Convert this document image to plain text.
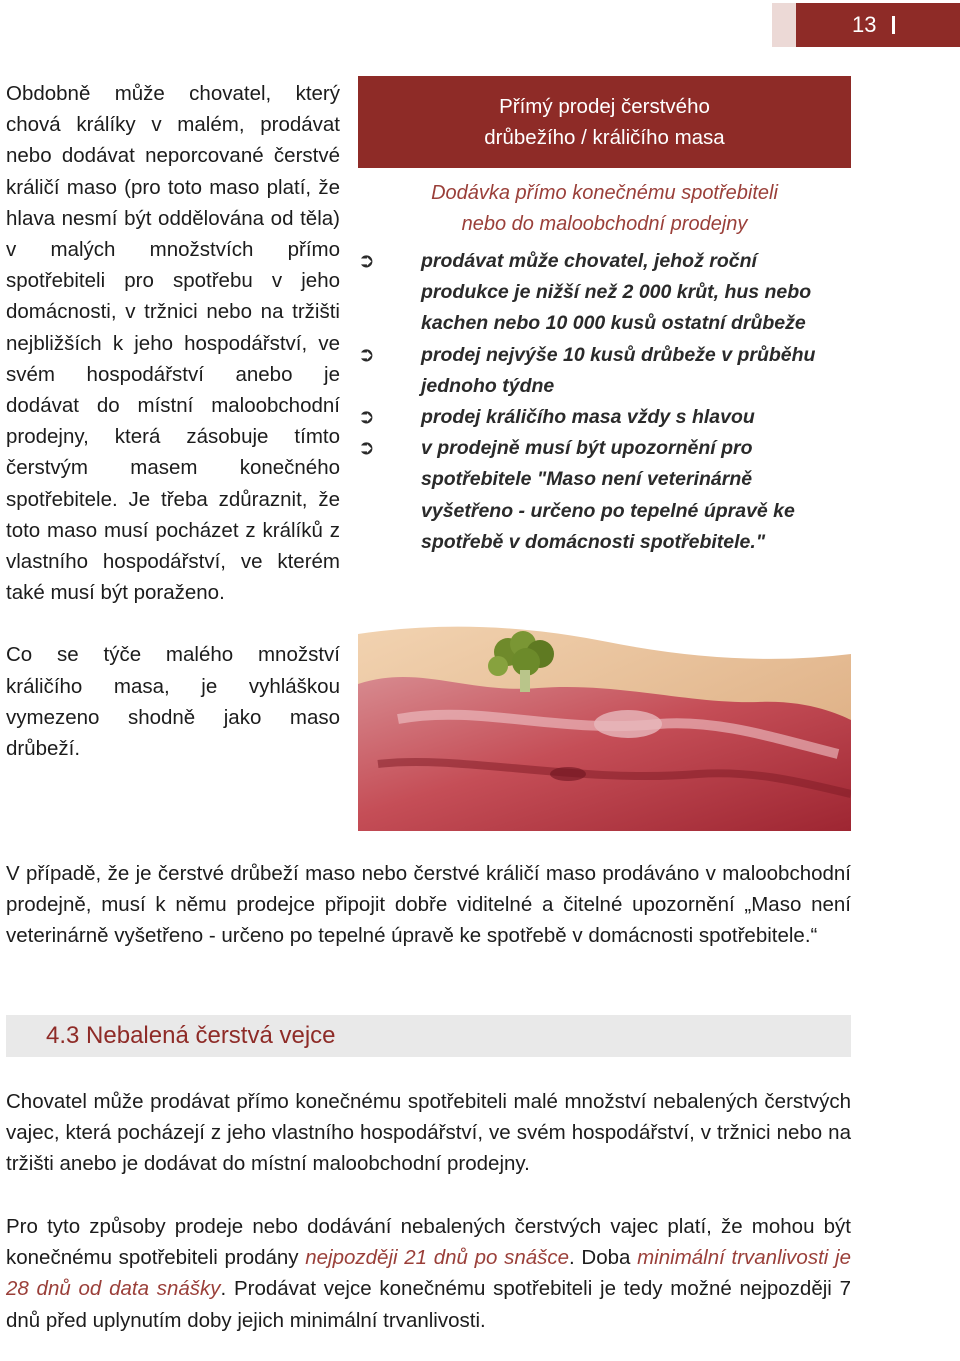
13

Obdobně může chovatel, který chová králíky v malém, prodávat nebo dodávat neporcované čerstvé králičí maso (pro toto maso platí, že hlava nesmí být oddělována od těla) v malých množstvích přímo spotřebiteli pro spotřebu v jeho domácnosti, v tržnici nebo na tržišti nejbližších k jeho hospodářství, ve svém hospodářství anebo je dodávat do místní maloobchodní prodejny, která zásobuje tímto čerstvým masem konečného spotřebitele. Je třeba zdůraznit, že toto maso musí pocházet z králíků z vlastního hospodářství, ve kterém také musí být poraženo.

Co se týče malého množství králičího masa, je vyhláškou vymezeno shodně jako maso drůbeží.

Přímý prodej čerstvého
drůbežího / králičího masa
Dodávka přímo konečnému spotřebiteli
nebo do maloobchodní prodejny
➲ prodávat může chovatel, jehož roční produkce je nižší než 2 000 krůt, hus nebo kachen nebo 10 000 kusů ostatní drůbeže
➲ prodej nejvýše 10 kusů drůbeže v průběhu jednoho týdne
➲ prodej králičího masa vždy s hlavou
➲ v prodejně musí být upozornění pro spotřebitele "Maso není veterinárně vyšetřeno - určeno po tepelné úpravě ke spotřebě v domácnosti spotřebitele."

V případě, že je čerstvé drůbeží maso nebo čerstvé králičí maso prodáváno v maloobchodní prodejně, musí k němu prodejce připojit dobře viditelné a čitelné upozornění „Maso není veterinárně vyšetřeno - určeno po tepelné úpravě ke spotřebě v domácnosti spotřebitele.“

4.3 Nebalená čerstvá vejce

Chovatel může prodávat přímo konečnému spotřebiteli malé množství nebalených čerstvých vajec, která pocházejí z jeho vlastního hospodářství, ve svém hospodářství, v tržnici nebo na tržišti anebo je dodávat do místní maloobchodní prodejny.

Pro tyto způsoby prodeje nebo dodávání nebalených čerstvých vajec platí, že mohou být konečnému spotřebiteli prodány nejpozději 21 dnů po snášce. Doba minimální trvanlivosti je 28 dnů od data snášky. Prodávat vejce konečnému spotřebiteli je tedy možné nejpozději 7 dnů před uplynutím doby jejich minimální trvanlivosti.
